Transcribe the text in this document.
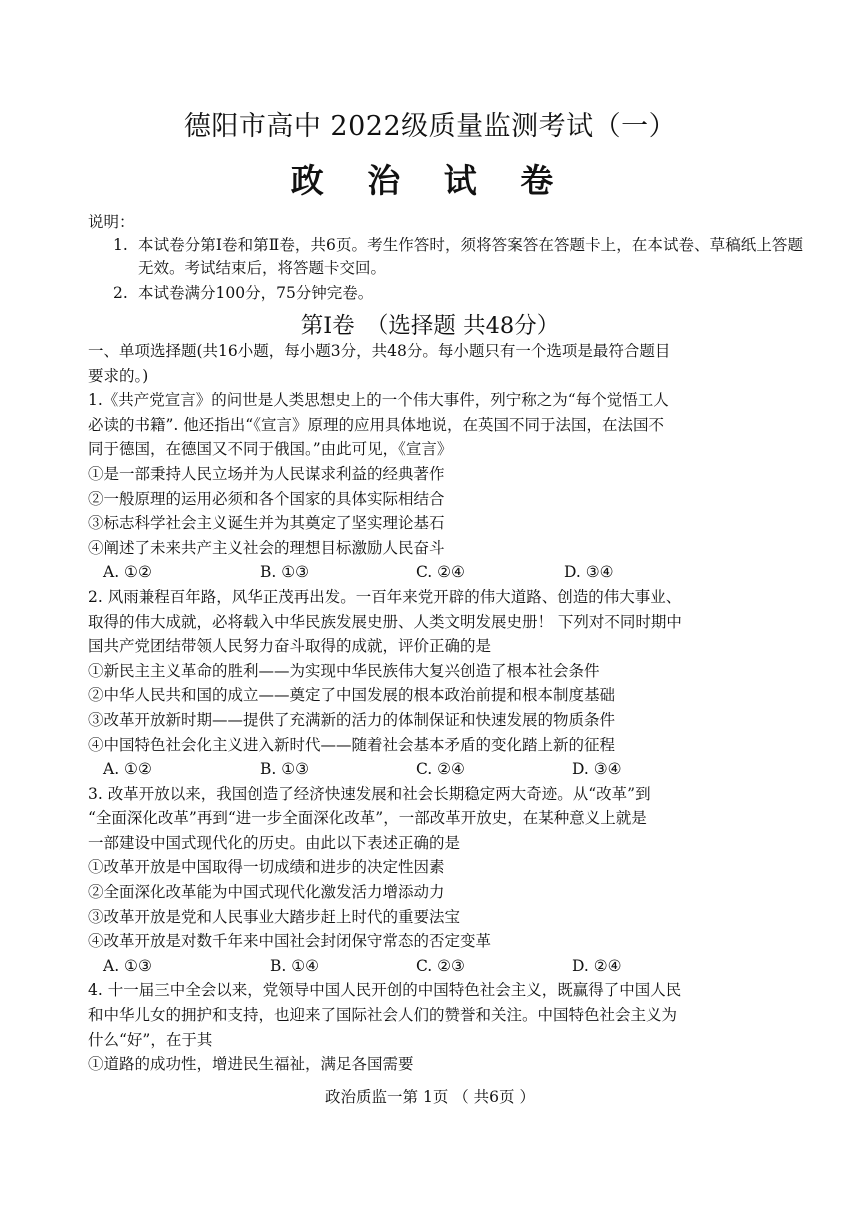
德阳市高中 2022级质量监测考试（一）
政 治 试 卷
说明：
1. 本试卷分第Ⅰ卷和第Ⅱ卷，共6页。考生作答时，须将答案答在答题卡上，在本试卷、草稿纸上答题无效。考试结束后，将答题卡交回。
2. 本试卷满分100分，75分钟完卷。
第Ⅰ卷　（选择题 共48分）
一、单项选择题(共16小题，每小题3分，共48分。每小题只有一个选项是最符合题目
要求的。)
1.《共产党宣言》的问世是人类思想史上的一个伟大事件，列宁称之为“每个觉悟工人
必读的书籍”. 他还指出“《宣言》原理的应用具体地说，在英国不同于法国，在法国不
同于德国，在德国又不同于俄国。”由此可见，《宣言》
①是一部秉持人民立场并为人民谋求利益的经典著作
②一般原理的运用必须和各个国家的具体实际相结合
③标志科学社会主义诞生并为其奠定了坚实理论基石
④阐述了未来共产主义社会的理想目标激励人民奋斗
A. ①②	B. ①③	C. ②④	D. ③④
2. 风雨兼程百年路，风华正茂再出发。一百年来党开辟的伟大道路、创造的伟大事业、
取得的伟大成就，必将载入中华民族发展史册、人类文明发展史册！ 下列对不同时期中
国共产党团结带领人民努力奋斗取得的成就，评价正确的是
①新民主主义革命的胜利——为实现中华民族伟大复兴创造了根本社会条件
②中华人民共和国的成立——奠定了中国发展的根本政治前提和根本制度基础
③改革开放新时期——提供了充满新的活力的体制保证和快速发展的物质条件
④中国特色社会化主义进入新时代——随着社会基本矛盾的变化踏上新的征程
A. ①②	B. ①③	C. ②④	D. ③④
3. 改革开放以来，我国创造了经济快速发展和社会长期稳定两大奇迹。从“改革”到
“全面深化改革”再到“进一步全面深化改革”，一部改革开放史，在某种意义上就是
一部建设中国式现代化的历史。由此以下表述正确的是
①改革开放是中国取得一切成绩和进步的决定性因素
②全面深化改革能为中国式现代化激发活力增添动力
③改革开放是党和人民事业大踏步赶上时代的重要法宝
④改革开放是对数千年来中国社会封闭保守常态的否定变革
A. ①③	B. ①④	C. ②③	D. ②④
4. 十一届三中全会以来，党领导中国人民开创的中国特色社会主义，既赢得了中国人民
和中华儿女的拥护和支持，也迎来了国际社会人们的赞誉和关注。中国特色社会主义为
什么“好”，在于其
①道路的成功性，增进民生福祉，满足各国需要
政治质监一第 1页 （ 共6页 ）
